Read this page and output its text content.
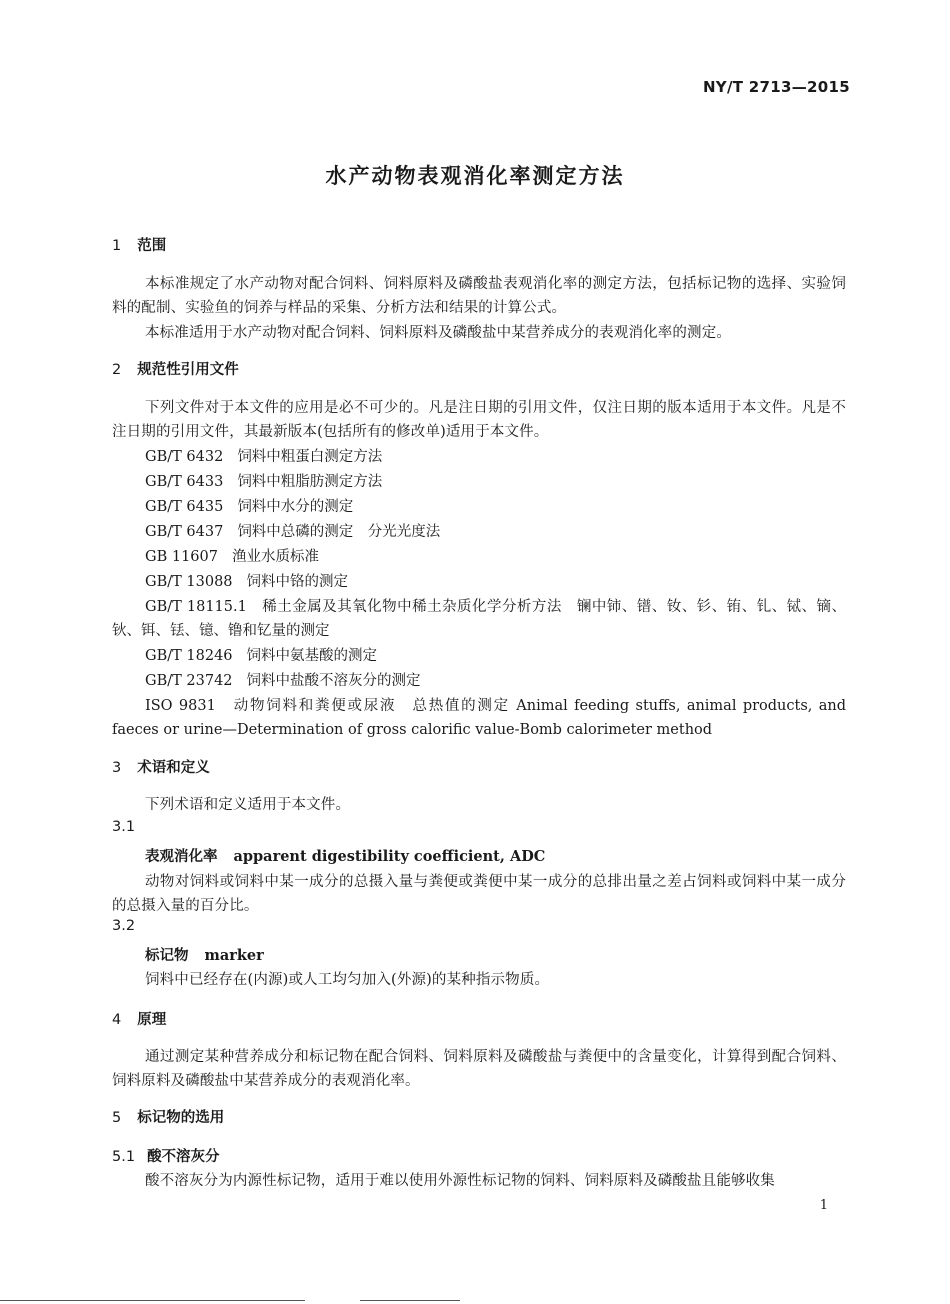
NY/T 2713—2015
水产动物表观消化率测定方法
1 范围
本标准规定了水产动物对配合饲料、饲料原料及磷酸盐表观消化率的测定方法，包括标记物的选择、实验饲料的配制、实验鱼的饲养与样品的采集、分析方法和结果的计算公式。
本标准适用于水产动物对配合饲料、饲料原料及磷酸盐中某营养成分的表观消化率的测定。
2 规范性引用文件
下列文件对于本文件的应用是必不可少的。凡是注日期的引用文件，仅注日期的版本适用于本文件。凡是不注日期的引用文件，其最新版本(包括所有的修改单)适用于本文件。
GB/T 6432 饲料中粗蛋白测定方法
GB/T 6433 饲料中粗脂肪测定方法
GB/T 6435 饲料中水分的测定
GB/T 6437 饲料中总磷的测定　分光光度法
GB 11607 渔业水质标准
GB/T 13088 饲料中铬的测定
GB/T 18115.1　稀土金属及其氧化物中稀土杂质化学分析方法　镧中铈、镨、钕、钐、铕、钆、铽、镝、钬、铒、铥、镱、镥和钇量的测定
GB/T 18246 饲料中氨基酸的测定
GB/T 23742 饲料中盐酸不溶灰分的测定
ISO 9831　动物饲料和粪便或尿液　总热值的测定 Animal feeding stuffs, animal products, and faeces or urine—Determination of gross calorific value-Bomb calorimeter method
3 术语和定义
下列术语和定义适用于本文件。
3.1
表观消化率 apparent digestibility coefficient, ADC
动物对饲料或饲料中某一成分的总摄入量与粪便或粪便中某一成分的总排出量之差占饲料或饲料中某一成分的总摄入量的百分比。
3.2
标记物 marker
饲料中已经存在(内源)或人工均匀加入(外源)的某种指示物质。
4 原理
通过测定某种营养成分和标记物在配合饲料、饲料原料及磷酸盐与粪便中的含量变化，计算得到配合饲料、饲料原料及磷酸盐中某营养成分的表观消化率。
5 标记物的选用
5.1 酸不溶灰分
酸不溶灰分为内源性标记物，适用于难以使用外源性标记物的饲料、饲料原料及磷酸盐且能够收集
1
